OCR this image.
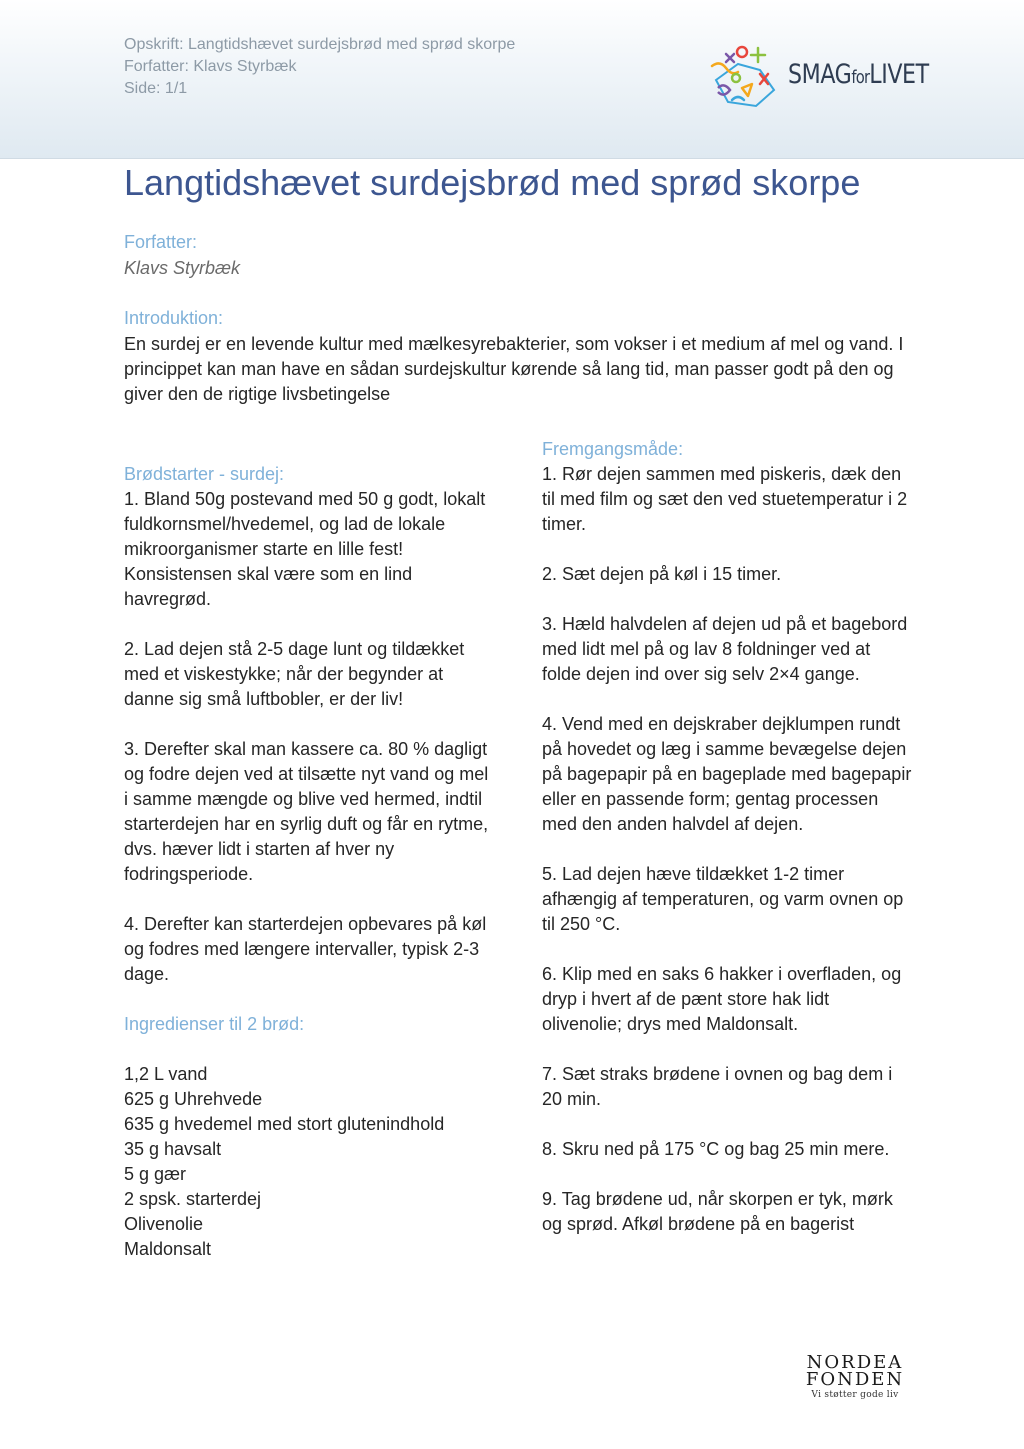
Opskrift: Langtidshævet surdejsbrød med sprød skorpe
Forfatter: Klavs Styrbæk
Side: 1/1	SMAGforLIVET
Langtidshævet surdejsbrød med sprød skorpe
Forfatter:
Klavs Styrbæk
Introduktion:
En surdej er en levende kultur med mælkesyrebakterier, som vokser i et medium af mel og vand. I princippet kan man have en sådan surdejskultur kørende så lang tid, man passer godt på den og giver den de rigtige livsbetingelse
Brødstarter - surdej:

1. Bland 50g postevand med 50 g godt, lokalt fuldkornsmel/hvedemel, og lad de lokale mikroorganismer starte en lille fest! Konsistensen skal være som en lind havregrød.

2. Lad dejen stå 2-5 dage lunt og tildækket med et viskestykke; når der begynder at danne sig små luftbobler, er der liv!

3. Derefter skal man kassere ca. 80 % dagligt og fodre dejen ved at tilsætte nyt vand og mel i samme mængde og blive ved hermed, indtil starterdejen har en syrlig duft og får en rytme, dvs. hæver lidt i starten af hver ny fodringsperiode.

4. Derefter kan starterdejen opbevares på køl og fodres med længere intervaller, typisk 2-3 dage.

Ingredienser til 2 brød:
1,2 L vand
625 g Uhrehvede
635 g hvedemel med stort glutenindhold
35 g havsalt
5 g gær
2 spsk. starterdej
Olivenolie
Maldonsalt
Fremgangsmåde:

1. Rør dejen sammen med piskeris, dæk den til med film og sæt den ved stuetemperatur i 2 timer.

2. Sæt dejen på køl i 15 timer.

3. Hæld halvdelen af dejen ud på et bagebord med lidt mel på og lav 8 foldninger ved at folde dejen ind over sig selv 2×4 gange.

4. Vend med en dejskraber dejklumpen rundt på hovedet og læg i samme bevægelse dejen på bagepapir på en bageplade med bagepapir eller en passende form; gentag processen med den anden halvdel af dejen.

5. Lad dejen hæve tildækket 1-2 timer afhængig af temperaturen, og varm ovnen op til 250 °C.

6. Klip med en saks 6 hakker i overfladen, og dryp i hvert af de pænt store hak lidt olivenolie; drys med Maldonsalt.

7. Sæt straks brødene i ovnen og bag dem i 20 min.

8. Skru ned på 175 °C og bag 25 min mere.

9. Tag brødene ud, når skorpen er tyk, mørk og sprød. Afkøl brødene på en bagerist

NORDEA
FONDEN
Vi støtter gode liv
